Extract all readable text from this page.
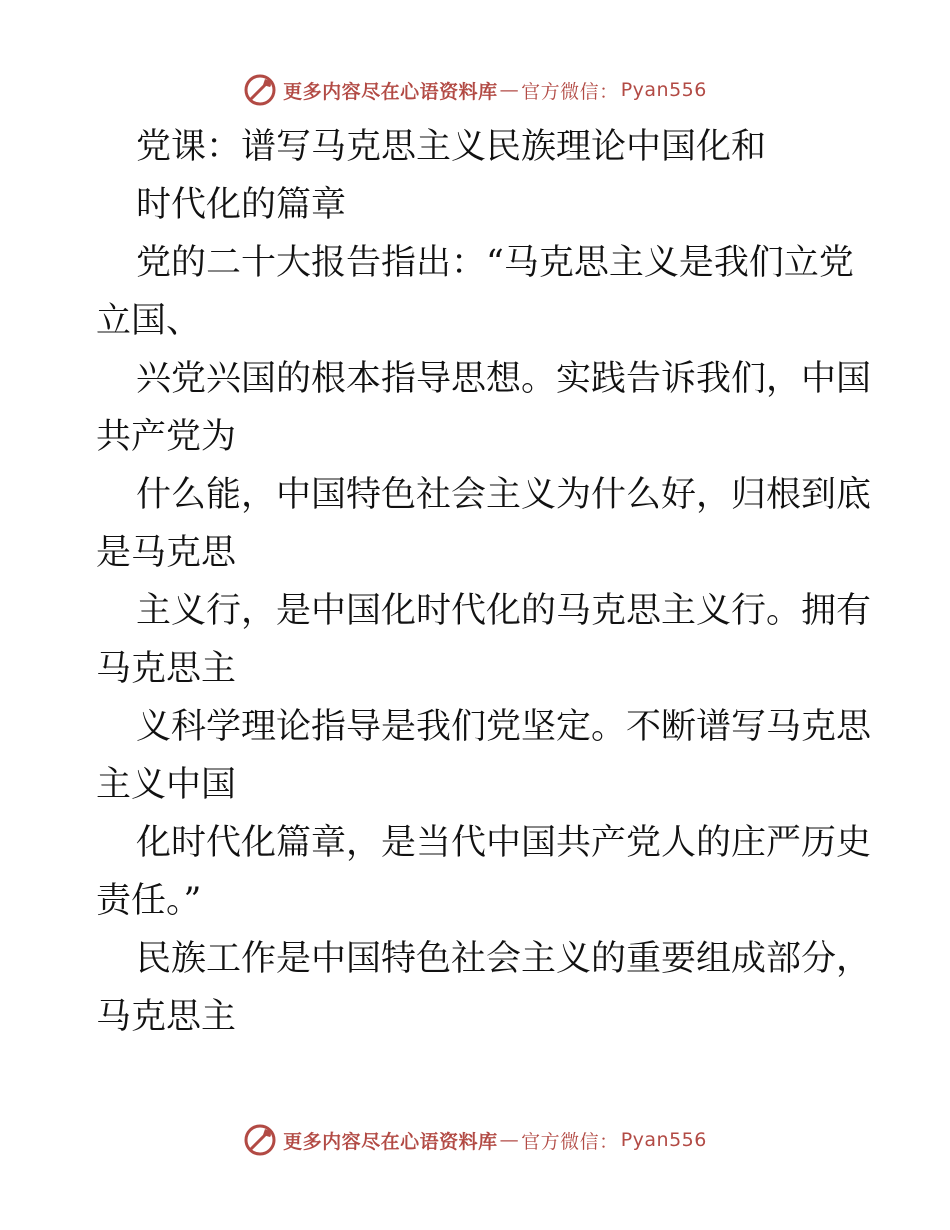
更多内容尽在心语资料库 — 官方微信： Pyan556
党课：谱写马克思主义民族理论中国化和
时代化的篇章
党的二十大报告指出：“马克思主义是我们立党
立国、
兴党兴国的根本指导思想。实践告诉我们，中国
共产党为
什么能，中国特色社会主义为什么好，归根到底
是马克思
主义行，是中国化时代化的马克思主义行。拥有
马克思主
义科学理论指导是我们党坚定。不断谱写马克思
主义中国
化时代化篇章，是当代中国共产党人的庄严历史
责任。”
民族工作是中国特色社会主义的重要组成部分，
马克思主
更多内容尽在心语资料库 — 官方微信： Pyan556
